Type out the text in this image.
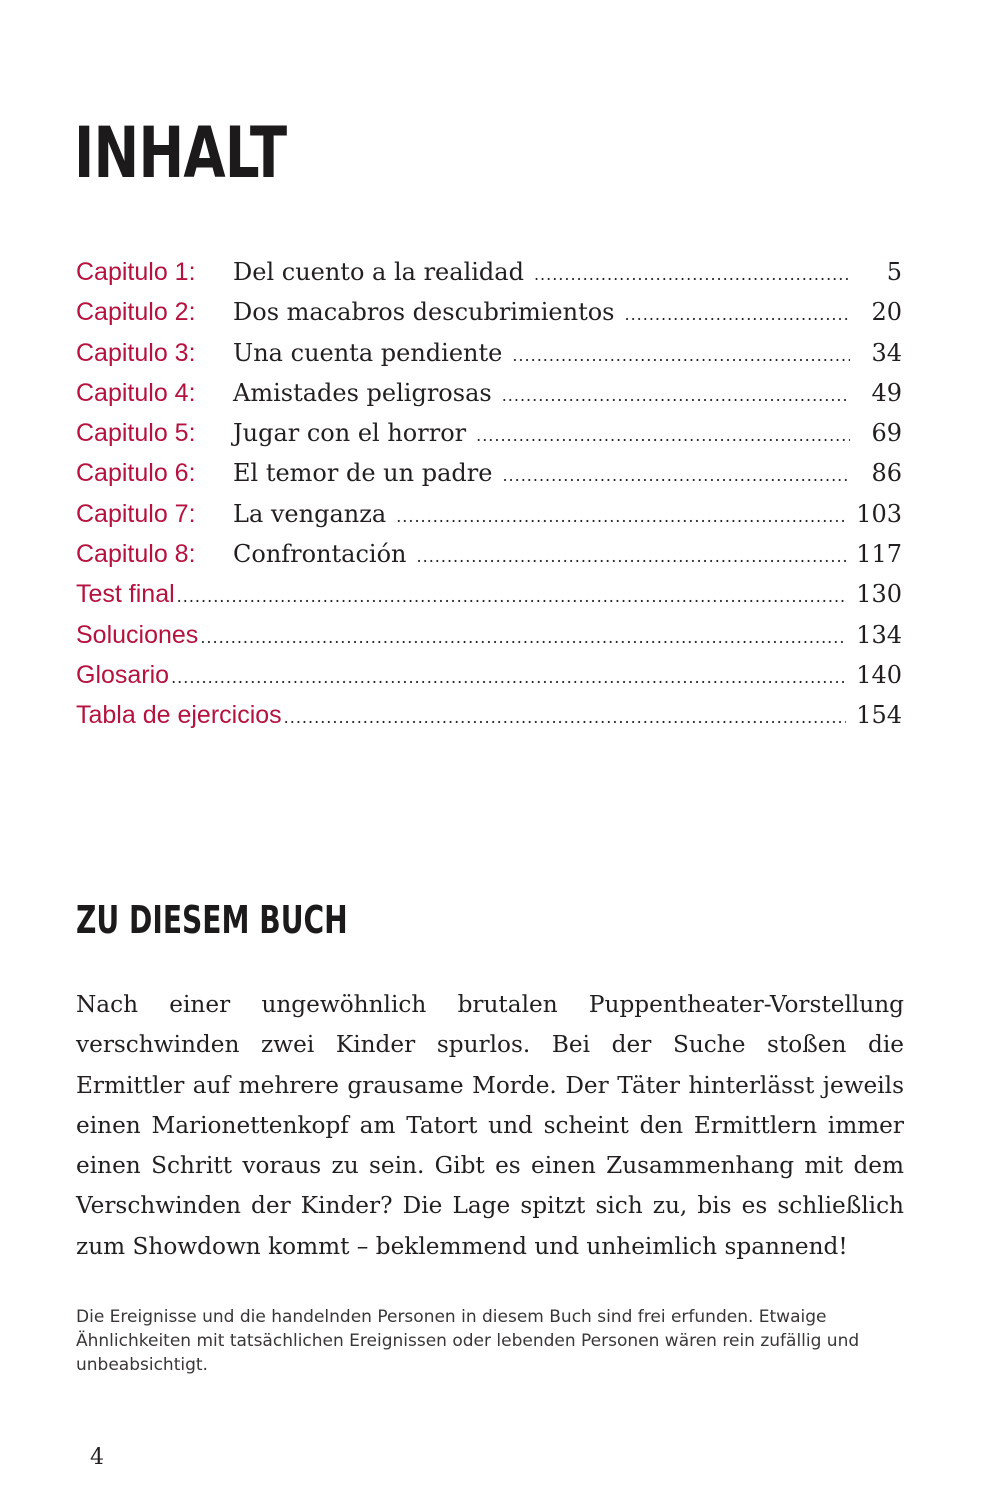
INHALT
Capitulo 1:	Del cuento a la realidad .....	5
Capitulo 2:	Dos macabros descubrimientos .....	20
Capitulo 3:	Una cuenta pendiente .....	34
Capitulo 4:	Amistades peligrosas .....	49
Capitulo 5:	Jugar con el horror .....	69
Capitulo 6:	El temor de un padre .....	86
Capitulo 7:	La venganza .....	103
Capitulo 8:	Confrontación .....	117
Test final .....	130
Soluciones .....	134
Glosario .....	140
Tabla de ejercicios .....	154
ZU DIESEM BUCH

Nach einer ungewöhnlich brutalen Puppentheater-Vorstellung verschwinden zwei Kinder spurlos. Bei der Suche stoßen die Ermittler auf mehrere grausame Morde. Der Täter hinterlässt jeweils einen Marionettenkopf am Tatort und scheint den Ermittlern immer einen Schritt voraus zu sein. Gibt es einen Zusammenhang mit dem Verschwinden der Kinder? Die Lage spitzt sich zu, bis es schließlich zum Showdown kommt – beklemmend und unheimlich spannend!

Die Ereignisse und die handelnden Personen in diesem Buch sind frei erfunden. Etwaige Ähnlichkeiten mit tatsächlichen Ereignissen oder lebenden Personen wären rein zufällig und unbeabsichtigt.

4
